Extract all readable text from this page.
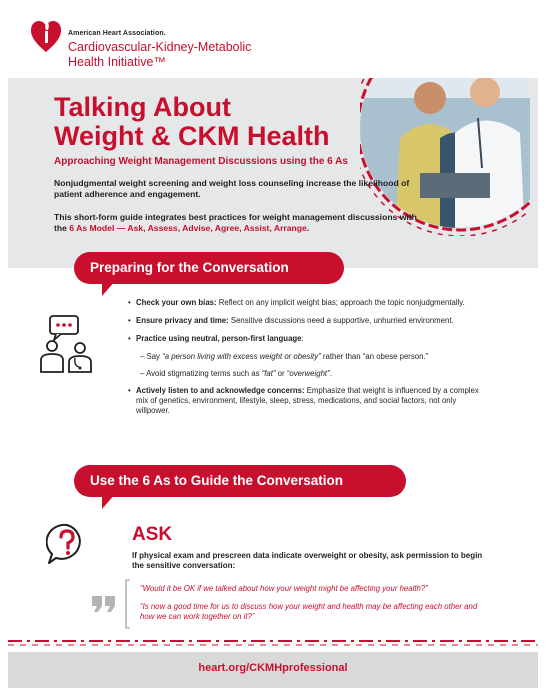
American Heart Association.
Cardiovascular-Kidney-Metabolic
Health Initiative™
Talking About
Weight & CKM Health
Approaching Weight Management Discussions using the 6 As
Nonjudgmental weight screening and weight loss counseling increase the likelihood of patient adherence and engagement.
This short-form guide integrates best practices for weight management discussions with the 6 As Model — Ask, Assess, Advise, Agree, Assist, Arrange.
Preparing for the Conversation
• Check your own bias: Reflect on any implicit weight bias; approach the topic nonjudgmentally.
• Ensure privacy and time: Sensitive discussions need a supportive, unhurried environment.
• Practice using neutral, person-first language:
– Say “a person living with excess weight or obesity” rather than “an obese person.”
– Avoid stigmatizing terms such as “fat” or “overweight”.
• Actively listen to and acknowledge concerns: Emphasize that weight is influenced by a complex mix of genetics, environment, lifestyle, sleep, stress, medications, and social factors, not only willpower.
Use the 6 As to Guide the Conversation
ASK
If physical exam and prescreen data indicate overweight or obesity, ask permission to begin the sensitive conversation:
“Would it be OK if we talked about how your weight might be affecting your health?”
“Is now a good time for us to discuss how your weight and health may be affecting each other and how we can work together on it?”
heart.org/CKMHprofessional
